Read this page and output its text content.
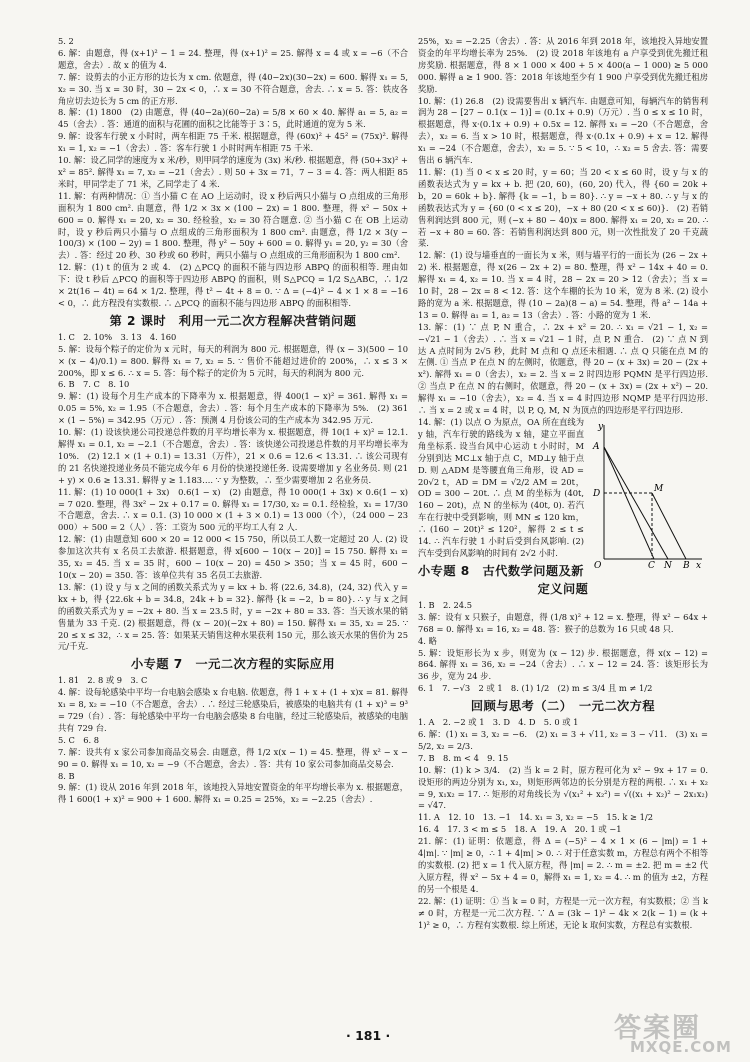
5. 2

6. 解：由题意，得 (x+1)² − 1 = 24. 整理，得 (x+1)² = 25. 解得 x = 4 或 x = −6（不合题意，舍去）. 故 x 的值为 4.

7. 解：设剪去的小正方形的边长为 x cm. 依题意，得 (40−2x)(30−2x) = 600. 解得 x₁ = 5, x₂ = 30. 当 x = 30 时，30 − 2x < 0，∴ x = 30 不符合题意，舍去. ∴ x = 5. 答：铁皮各角应切去边长为 5 cm 的正方形.

8. 解：(1) 1800　(2) 由题意，得 (40−2a)(60−2a) = 5/8 × 60 × 40. 解得 a₁ = 5, a₂ = 45（舍去）. 答：通道的面积与花圃的面积之比能等于 3∶5，此时通道的宽为 5 米.

9. 解：设客车行驶 x 小时时，两车相距 75 千米. 根据题意，得 (60x)² + 45² = (75x)². 解得 x₁ = 1, x₂ = −1（舍去）. 答：客车行驶 1 小时时两车相距 75 千米.

10. 解：设乙同学的速度为 x 米/秒，则甲同学的速度为 (3x) 米/秒. 根据题意，得 (50+3x)² + x² = 85². 解得 x₁ = 7, x₂ = −21（舍去）. 则 50 + 3x = 71，7 − 3 = 4. 答：两人相距 85 米时，甲同学走了 71 米，乙同学走了 4 米.

11. 解：有两种情况：① 当小猫 C 在 AO 上运动时，设 x 秒后两只小猫与 O 点组成的三角形面积为 1 800 cm². 由题意，得 1/2 × 3x × (100 − 2x) = 1 800. 整理，得 x² − 50x + 600 = 0. 解得 x₁ = 20, x₂ = 30. 经检验，x₂ = 30 符合题意. ② 当小猫 C 在 OB 上运动时，设 y 秒后两只小猫与 O 点组成的三角形面积为 1 800 cm². 由题意，得 1/2 × 3(y − 100/3) × (100 − 2y) = 1 800. 整理，得 y² − 50y + 600 = 0. 解得 y₁ = 20, y₂ = 30（舍去）. 答：经过 20 秒、30 秒或 60 秒时，两只小猫与 O 点组成的三角形面积为 1 800 cm².

12. 解：(1) t 的值为 2 或 4.　(2) △PCQ 的面积不能与四边形 ABPQ 的面积相等. 理由如下：设 t 秒后 △PCQ 的面积等于四边形 ABPQ 的面积，则 S△PCQ = 1/2 S△ABC，∴ 1/2 × 2t(16 − 4t) = 64 × 1/2. 整理，得 t² − 4t + 8 = 0. ∵ Δ = (−4)² − 4 × 1 × 8 = −16 < 0，∴ 此方程没有实数根. ∴ △PCQ 的面积不能与四边形 ABPQ 的面积相等.

第 2 课时　利用一元二次方程解决营销问题

1. C　2. 10%　3. 13　4. 160

5. 解：设每个粽子的定价为 x 元时，每天的利润为 800 元. 根据题意，得 (x − 3)(500 − 10 × (x − 4)/0.1) = 800. 解得 x₁ = 7, x₂ = 5. ∵ 售价不能超过进价的 200%，∴ x ≤ 3 × 200%，即 x ≤ 6. ∴ x = 5. 答：每个粽子的定价为 5 元时，每天的利润为 800 元.

6. B　7. C　8. 10

9. 解：(1) 设每个月生产成本的下降率为 x. 根据题意，得 400(1 − x)² = 361. 解得 x₁ = 0.05 = 5%, x₂ = 1.95（不合题意，舍去）. 答：每个月生产成本的下降率为 5%.　(2) 361 × (1 − 5%) = 342.95（万元）. 答：预测 4 月份该公司的生产成本为 342.95 万元.

10. 解：(1) 设该快递公司投递总件数的月平均增长率为 x. 根据题意，得 10(1 + x)² = 12.1. 解得 x₁ = 0.1, x₂ = −2.1（不合题意，舍去）. 答：该快递公司投递总件数的月平均增长率为 10%.　(2) 12.1 × (1 + 0.1) = 13.31（万件），21 × 0.6 = 12.6 < 13.31. ∴ 该公司现有的 21 名快递投递业务员不能完成今年 6 月份的快递投递任务. 设需要增加 y 名业务员. 则 (21 + y) × 0.6 ≥ 13.31. 解得 y ≥ 1.183…. ∵ y 为整数，∴ 至少需要增加 2 名业务员.

11. 解：(1) 10 000(1 + 3x)　0.6(1 − x)　(2) 由题意，得 10 000(1 + 3x) × 0.6(1 − x) = 7 020. 整理，得 3x² − 2x + 0.17 = 0. 解得 x₁ = 17/30, x₂ = 0.1. 经检验，x₁ = 17/30 不合题意，舍去. ∴ x = 0.1. (3) 10 000 × (1 + 3 × 0.1) = 13 000（个），（24 000 − 23 000）÷ 500 = 2（人）. 答：工资为 500 元的平均工人有 2 人.

12. 解：(1) 由题意知 600 × 20 = 12 000 < 15 750，所以员工人数一定超过 20 人. (2) 设参加这次共有 x 名员工去旅游. 根据题意，得 x[600 − 10(x − 20)] = 15 750. 解得 x₁ = 35, x₂ = 45. 当 x = 35 时，600 − 10(x − 20) = 450 > 350；当 x = 45 时，600 − 10(x − 20) = 350. 答：该单位共有 35 名员工去旅游.

13. 解：(1) 设 y 与 x 之间的函数关系式为 y = kx + b. 将 (22.6, 34.8)，(24, 32) 代入 y = kx + b，得 {22.6k + b = 34.8，24k + b = 32}. 解得 {k = −2，b = 80}. ∴ y 与 x 之间的函数关系式为 y = −2x + 80. 当 x = 23.5 时，y = −2x + 80 = 33. 答：当天该水果的销售量为 33 千克. (2) 根据题意，得 (x − 20)(−2x + 80) = 150. 解得 x₁ = 35, x₂ = 25. ∵ 20 ≤ x ≤ 32，∴ x = 25. 答：如果某天销售这种水果获利 150 元，那么该天水果的售价为 25 元/千克.

小专题 7　一元二次方程的实际应用

1. 81　2. 8 或 9　3. C

4. 解：设每轮感染中平均一台电脑会感染 x 台电脑. 依题意，得 1 + x + (1 + x)x = 81. 解得 x₁ = 8, x₂ = −10（不合题意，舍去）. ∴ 经过三轮感染后，被感染的电脑共有 (1 + x)³ = 9³ = 729（台）. 答：每轮感染中平均一台电脑会感染 8 台电脑，经过三轮感染后，被感染的电脑共有 729 台.

5. C　6. 8

7. 解：设共有 x 家公司参加商品交易会. 由题意，得 1/2 x(x − 1) = 45. 整理，得 x² − x − 90 = 0. 解得 x₁ = 10, x₂ = −9（不合题意，舍去）. 答：共有 10 家公司参加商品交易会.

8. B

9. 解：(1) 设从 2016 年到 2018 年，该地投入异地安置资金的年平均增长率为 x. 根据题意，得 1 600(1 + x)² = 900 + 1 600. 解得 x₁ = 0.25 = 25%，x₂ = −2.25（舍去）.

25%，x₂ = −2.25（舍去）. 答：从 2016 年到 2018 年，该地投入异地安置资金的年平均增长率为 25%.　(2) 设 2018 年该地有 a 户享受到优先搬迁租房奖励. 根据题意，得 8 × 1 000 × 400 + 5 × 400(a − 1 000) ≥ 5 000 000. 解得 a ≥ 1 900. 答：2018 年该地至少有 1 900 户享受到优先搬迁租房奖励.

10. 解：(1) 26.8　(2) 设需要售出 x 辆汽车. 由题意可知，每辆汽车的销售利润为 28 − [27 − 0.1(x − 1)] = (0.1x + 0.9)（万元）. 当 0 ≤ x ≤ 10 时，根据题意，得 x·(0.1x + 0.9) + 0.5x = 12. 解得 x₁ = −20（不合题意，舍去），x₂ = 6. 当 x > 10 时，根据题意，得 x·(0.1x + 0.9) + x = 12. 解得 x₁ = −24（不合题意，舍去），x₂ = 5. ∵ 5 < 10，∴ x₂ = 5 舍去. 答：需要售出 6 辆汽车.

11. 解：(1) 当 0 < x ≤ 20 时，y = 60；当 20 < x ≤ 60 时，设 y 与 x 的函数表达式为 y = kx + b. 把 (20, 60)，(60, 20) 代入，得 {60 = 20k + b，20 = 60k + b}. 解得 {k = −1，b = 80}. ∴ y = −x + 80. ∴ y 与 x 的函数表达式为 y = {60 (0 < x ≤ 20)，−x + 80 (20 < x ≤ 60)}.　(2) 若销售利润达到 800 元，则 (−x + 80 − 40)x = 800. 解得 x₁ = 20, x₂ = 20. ∴ 若 −x + 80 = 60. 答：若销售利润达到 800 元，则一次性批发了 20 千克蔬菜.

12. 解：(1) 设与墙垂直的一面长为 x 米，则与墙平行的一面长为 (26 − 2x + 2) 米. 根据题意，得 x(26 − 2x + 2) = 80. 整理，得 x² − 14x + 40 = 0. 解得 x₁ = 4, x₂ = 10. 当 x = 4 时，28 − 2x = 20 > 12（舍去）；当 x = 10 时，28 − 2x = 8 < 12. 答：这个车棚的长为 10 米，宽为 8 米. (2) 设小路的宽为 a 米. 根据题意，得 (10 − 2a)(8 − a) = 54. 整理，得 a² − 14a + 13 = 0. 解得 a₁ = 1, a₂ = 13（舍去）. 答：小路的宽为 1 米.

13. 解：(1) ∵ 点 P, N 重合，∴ 2x + x² = 20. ∴ x₁ = √21 − 1, x₂ = −√21 − 1（舍去）. ∴ 当 x = √21 − 1 时，点 P, N 重合.　(2) ∵ 点 N 到达 A 点时间为 2√5 秒，此时 M 点和 Q 点还未相遇. ∴ 点 Q 只能在点 M 的左侧. ① 当点 P 在点 N 的左侧时，依题意，得 20 − (x + 3x) = 20 − (2x + x²). 解得 x₁ = 0（舍去），x₂ = 2. 当 x = 2 时四边形 PQMN 是平行四边形. ② 当点 P 在点 N 的右侧时，依题意，得 20 − (x + 3x) = (2x + x²) − 20. 解得 x₁ = −10（舍去），x₂ = 4. 当 x = 4 时四边形 NQMP 是平行四边形. ∴ 当 x = 2 或 x = 4 时，以 P, Q, M, N 为顶点的四边形是平行四边形.

y
A
D	M
O	C N B x

14. 解：(1) 以点 O 为原点，OA 所在直线为 y 轴，汽车行驶的路线为 x 轴，建立平面直角坐标系. 设当台风中心运动 t 小时时，M 分别到达 MC⊥x 轴于点 C，MD⊥y 轴于点 D. 则 △ADM 是等腰直角三角形，设 AD = 20√2 t，AD = DM = √2/2 AM = 20t，OD = 300 − 20t. ∴ 点 M 的坐标为 (40t, 160 − 20t)，点 N 的坐标为 (40t, 0). 若汽车在行驶中受到影响，则 MN ≤ 120 km，∴ (160 − 20t)² ≤ 120²，解得 2 ≤ t ≤ 14. ∴ 汽车行驶 1 小时后受到台风影响. (2) 汽车受到台风影响的时间有 2√2 小时.

小专题 8　古代数学问题及新定义问题

1. B　2. 24.5

3. 解：设有 x 只猴子，由题意，得 (1/8 x)² + 12 = x. 整理，得 x² − 64x + 768 = 0. 解得 x₁ = 16, x₂ = 48. 答：猴子的总数为 16 只或 48 只.

4. 略

5. 解：设矩形长为 x 步，则宽为 (x − 12) 步. 根据题意，得 x(x − 12) = 864. 解得 x₁ = 36, x₂ = −24（舍去）. ∴ x − 12 = 24. 答：该矩形长为 36 步，宽为 24 步.

6. 1　7. −√3　2 或 1　8. (1) 1/2　(2) m ≤ 3/4 且 m ≠ 1/2

回顾与思考（二）　一元二次方程

1. A　2. −2 或 1　3. D　4. D　5. 0 或 1

6. 解：(1) x₁ = 3, x₂ = −6.　(2) x₁ = 3 + √11, x₂ = 3 − √11.　(3) x₁ = 5/2, x₂ = 2/3.

7. B　8. m < 4　9. 15

10. 解：(1) k > 3/4.　(2) 当 k = 2 时，原方程可化为 x² − 9x + 17 = 0. 设矩形的两边分别为 x₁, x₂，则矩形两邻边的长分别是方程的两根. ∴ x₁ + x₂ = 9, x₁x₂ = 17. ∴ 矩形的对角线长为 √(x₁² + x₂²) = √((x₁ + x₂)² − 2x₁x₂) = √47.

11. A　12. 10　13. −1　14. x₁ = 3, x₂ = −5　15. k ≥ 1/2

16. 4　17. 3 < m ≤ 5　18. A　19. A　20. 1 或 −1

21. 解：(1) 证明：依题意，得 Δ = (−5)² − 4 × 1 × (6 − |m|) = 1 + 4|m|. ∵ |m| ≥ 0，∴ 1 + 4|m| > 0. ∴ 对于任意实数 m，方程总有两个不相等的实数根. (2) 把 x = 1 代入原方程，得 |m| = 2. ∴ m = ±2. 把 m = ±2 代入原方程，得 x² − 5x + 4 = 0，解得 x₁ = 1, x₂ = 4. ∴ m 的值为 ±2，方程的另一个根是 4.

22. 解：(1) 证明：① 当 k = 0 时，方程是一元一次方程，有实数根；② 当 k ≠ 0 时，方程是一元二次方程. ∵ Δ = (3k − 1)² − 4k × 2(k − 1) = (k + 1)² ≥ 0，∴ 方程有实数根. 综上所述，无论 k 取何实数，方程总有实数根.

· 181 ·	答案圈
MXQE.COM
